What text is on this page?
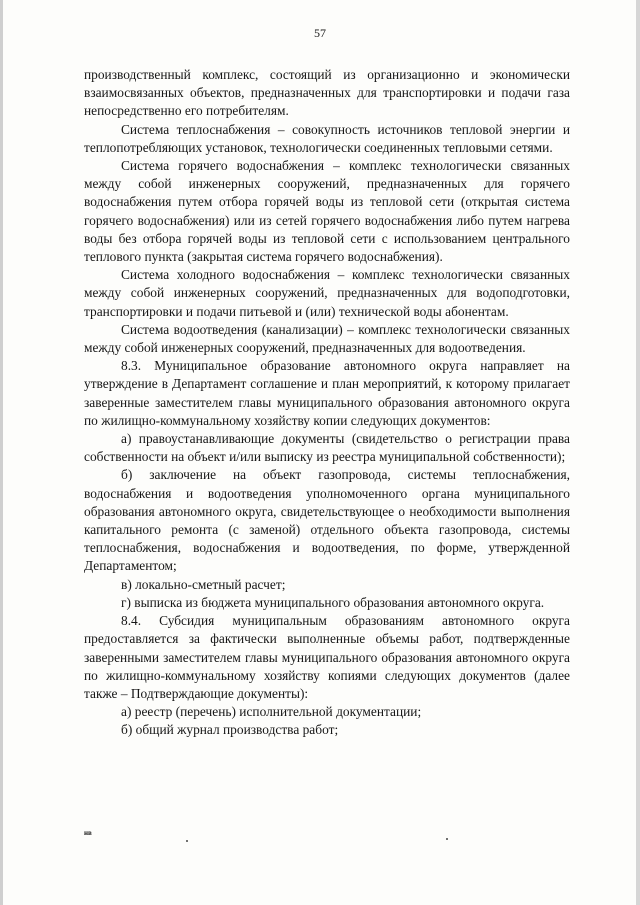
57

производственный комплекс, состоящий из организационно и экономически взаимосвязанных объектов, предназначенных для транспортировки и подачи газа непосредственно его потребителям.

Система теплоснабжения – совокупность источников тепловой энергии и теплопотребляющих установок, технологически соединенных тепловыми сетями.

Система горячего водоснабжения – комплекс технологически связанных между собой инженерных сооружений, предназначенных для горячего водоснабжения путем отбора горячей воды из тепловой сети (открытая система горячего водоснабжения) или из сетей горячего водоснабжения либо путем нагрева воды без отбора горячей воды из тепловой сети с использованием центрального теплового пункта (закрытая система горячего водоснабжения).

Система холодного водоснабжения – комплекс технологически связанных между собой инженерных сооружений, предназначенных для водоподготовки, транспортировки и подачи питьевой и (или) технической воды абонентам.

Система водоотведения (канализации) – комплекс технологически связанных между собой инженерных сооружений, предназначенных для водоотведения.

8.3. Муниципальное образование автономного округа направляет на утверждение в Департамент соглашение и план мероприятий, к которому прилагает заверенные заместителем главы муниципального образования автономного округа по жилищно-коммунальному хозяйству копии следующих документов:

а) правоустанавливающие документы (свидетельство о регистрации права собственности на объект и/или выписку из реестра муниципальной собственности);

б) заключение на объект газопровода, системы теплоснабжения, водоснабжения и водоотведения уполномоченного органа муниципального образования автономного округа, свидетельствующее о необходимости выполнения капитального ремонта (с заменой) отдельного объекта газопровода, системы теплоснабжения, водоснабжения и водоотведения, по форме, утвержденной Департаментом;

в) локально-сметный расчет;

г) выписка из бюджета муниципального образования автономного округа.

8.4. Субсидия муниципальным образованиям автономного округа предоставляется за фактически выполненные объемы работ, подтвержденные заверенными заместителем главы муниципального образования автономного округа по жилищно-коммунальному хозяйству копиями следующих документов (далее также – Подтверждающие документы):

а) реестр (перечень) исполнительной документации;

б) общий журнал производства работ;

нв
